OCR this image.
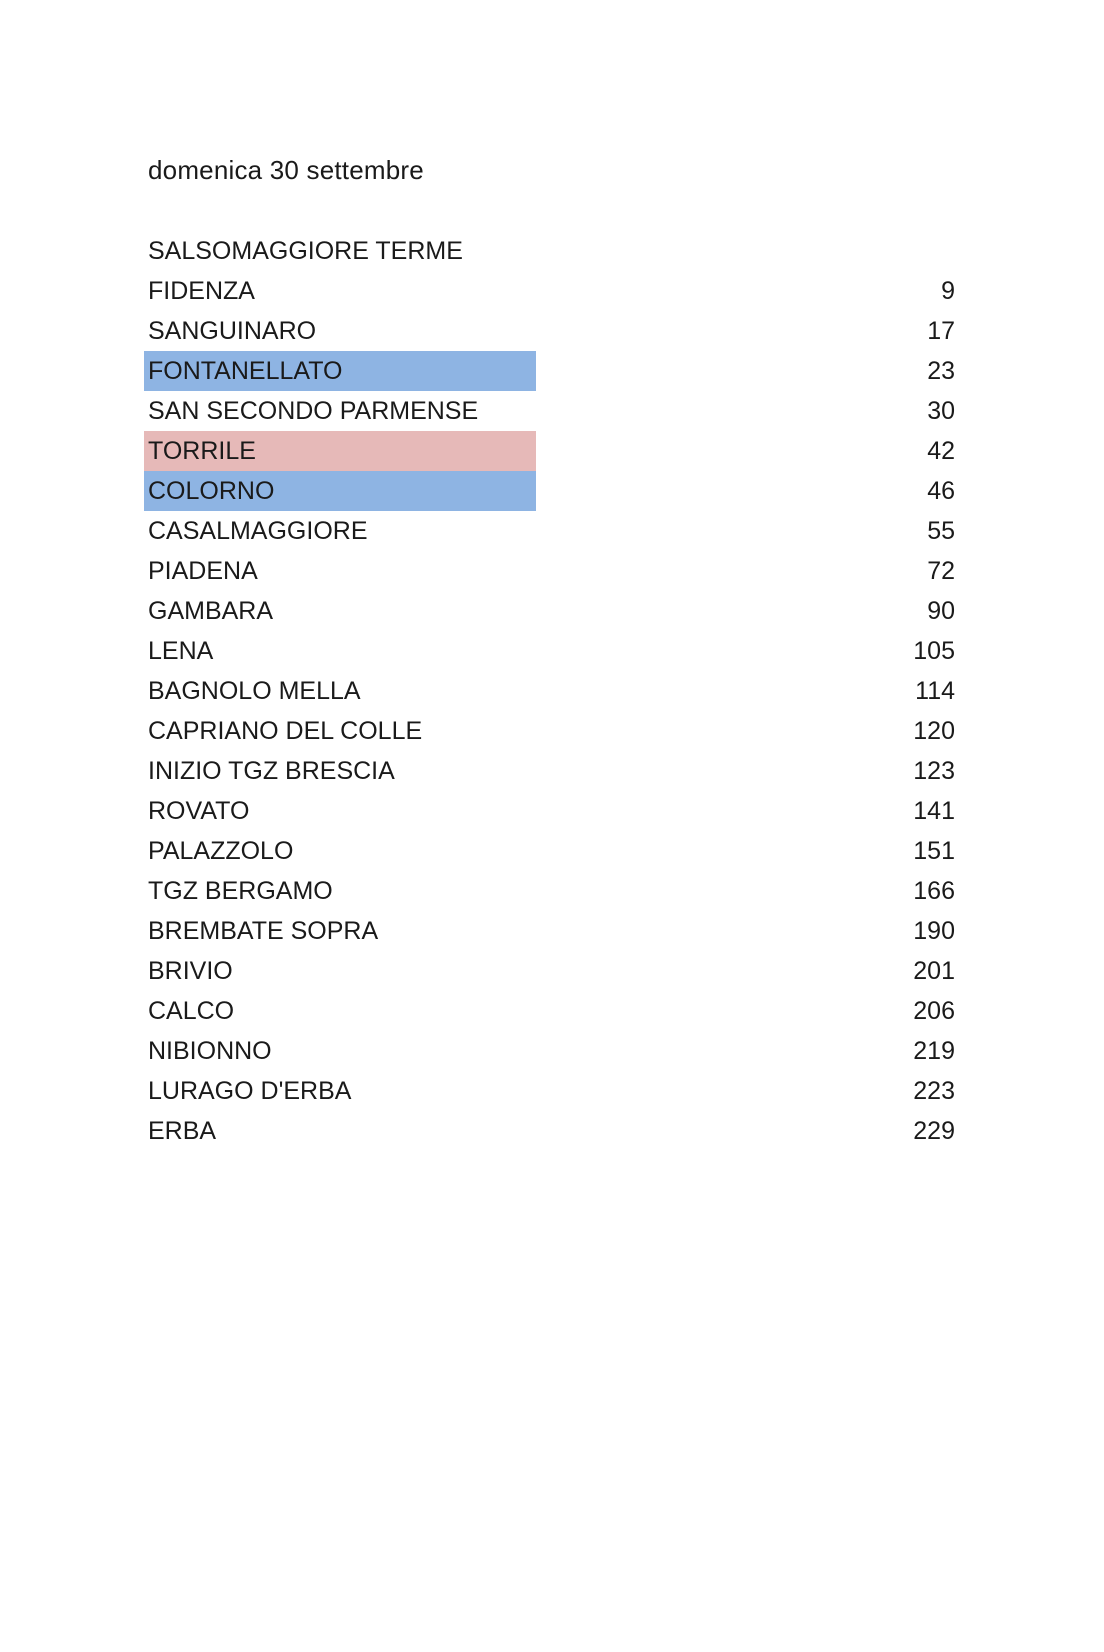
domenica 30 settembre
SALSOMAGGIORE TERME
FIDENZA	9
SANGUINARO	17
FONTANELLATO	23
SAN SECONDO PARMENSE	30
TORRILE	42
COLORNO	46
CASALMAGGIORE	55
PIADENA	72
GAMBARA	90
LENA	105
BAGNOLO MELLA	114
CAPRIANO DEL COLLE	120
INIZIO TGZ BRESCIA	123
ROVATO	141
PALAZZOLO	151
TGZ BERGAMO	166
BREMBATE SOPRA	190
BRIVIO	201
CALCO	206
NIBIONNO	219
LURAGO D'ERBA	223
ERBA	229
